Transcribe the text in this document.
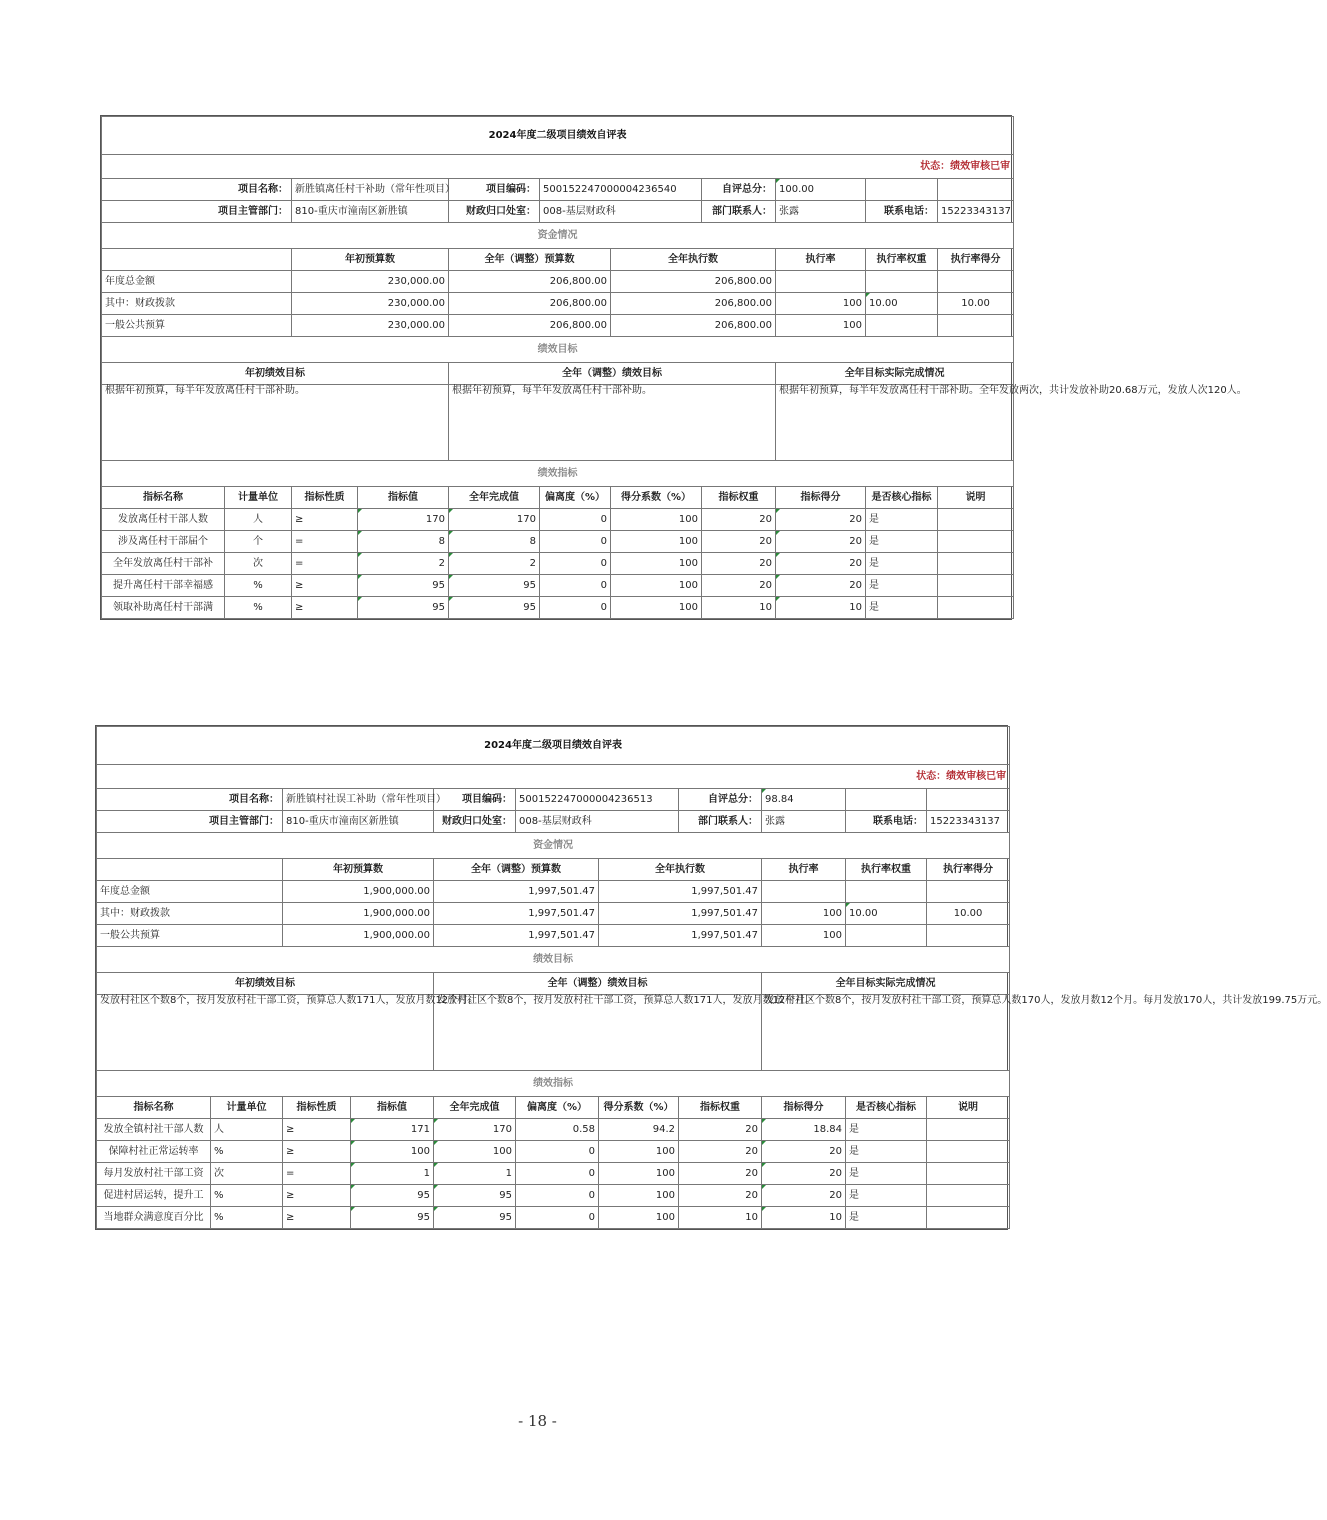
2024年度二级项目绩效自评表										
状态：绩效审核已审										
项目名称：		新胜镇离任村干补助（常年性项目）		项目编码：	500152247000004236540		自评总分：	100.00		
项目主管部门：		810-重庆市潼南区新胜镇		财政归口处室：	008-基层财政科		部门联系人：	张露	联系电话：	15223343137
资金情况										
		年初预算数		全年（调整）预算数		全年执行数		执行率	执行率权重	执行率得分
年度总金额		230,000.00		206,800.00		206,800.00				
其中：财政拨款		230,000.00		206,800.00		206,800.00		100	10.00	10.00
一般公共预算		230,000.00		206,800.00		206,800.00		100		
绩效目标										
年初绩效目标				全年（调整）绩效目标				全年目标实际完成情况		
根据年初预算，每半年发放离任村干部补助。				根据年初预算，每半年发放离任村干部补助。				根据年初预算，每半年发放离任村干部补助。全年发放两次，共计发放补助20.68万元，发放人次120人。		
绩效指标										
指标名称	计量单位	指标性质	指标值	全年完成值	偏离度（%）	得分系数（%）	指标权重	指标得分	是否核心指标	说明
发放离任村干部人数	人	≥	170	170	0	100	20	20	是	
涉及离任村干部届个	个	=	8	8	0	100	20	20	是	
全年发放离任村干部补	次	=	2	2	0	100	20	20	是	
提升离任村干部幸福感	%	≥	95	95	0	100	20	20	是	
领取补助离任村干部满	%	≥	95	95	0	100	10	10	是	
2024年度二级项目绩效自评表										
状态：绩效审核已审										
项目名称：		新胜镇村社误工补助（常年性项目）		项目编码：	500152247000004236513		自评总分：	98.84		
项目主管部门：		810-重庆市潼南区新胜镇		财政归口处室：	008-基层财政科		部门联系人：	张露	联系电话：	15223343137
资金情况										
		年初预算数		全年（调整）预算数		全年执行数		执行率	执行率权重	执行率得分
年度总金额		1,900,000.00		1,997,501.47		1,997,501.47				
其中：财政拨款		1,900,000.00		1,997,501.47		1,997,501.47		100	10.00	10.00
一般公共预算		1,900,000.00		1,997,501.47		1,997,501.47		100		
绩效目标										
年初绩效目标				全年（调整）绩效目标				全年目标实际完成情况		
发放村社区个数8个，按月发放村社干部工资，预算总人数171人，发放月数12个月。				发放村社区个数8个，按月发放村社干部工资，预算总人数171人，发放月数12个月。				发放村社区个数8个，按月发放村社干部工资，预算总人数170人，发放月数12个月。每月发放170人，共计发放199.75万元。		
绩效指标										
指标名称	计量单位	指标性质	指标值	全年完成值	偏离度（%）	得分系数（%）	指标权重	指标得分	是否核心指标	说明
发放全镇村社干部人数	人	≥	171	170	0.58	94.2	20	18.84	是	
保障村社正常运转率	%	≥	100	100	0	100	20	20	是	
每月发放村社干部工资	次	=	1	1	0	100	20	20	是	
促进村居运转，提升工	%	≥	95	95	0	100	20	20	是	
当地群众满意度百分比	%	≥	95	95	0	100	10	10	是	
- 18 -
